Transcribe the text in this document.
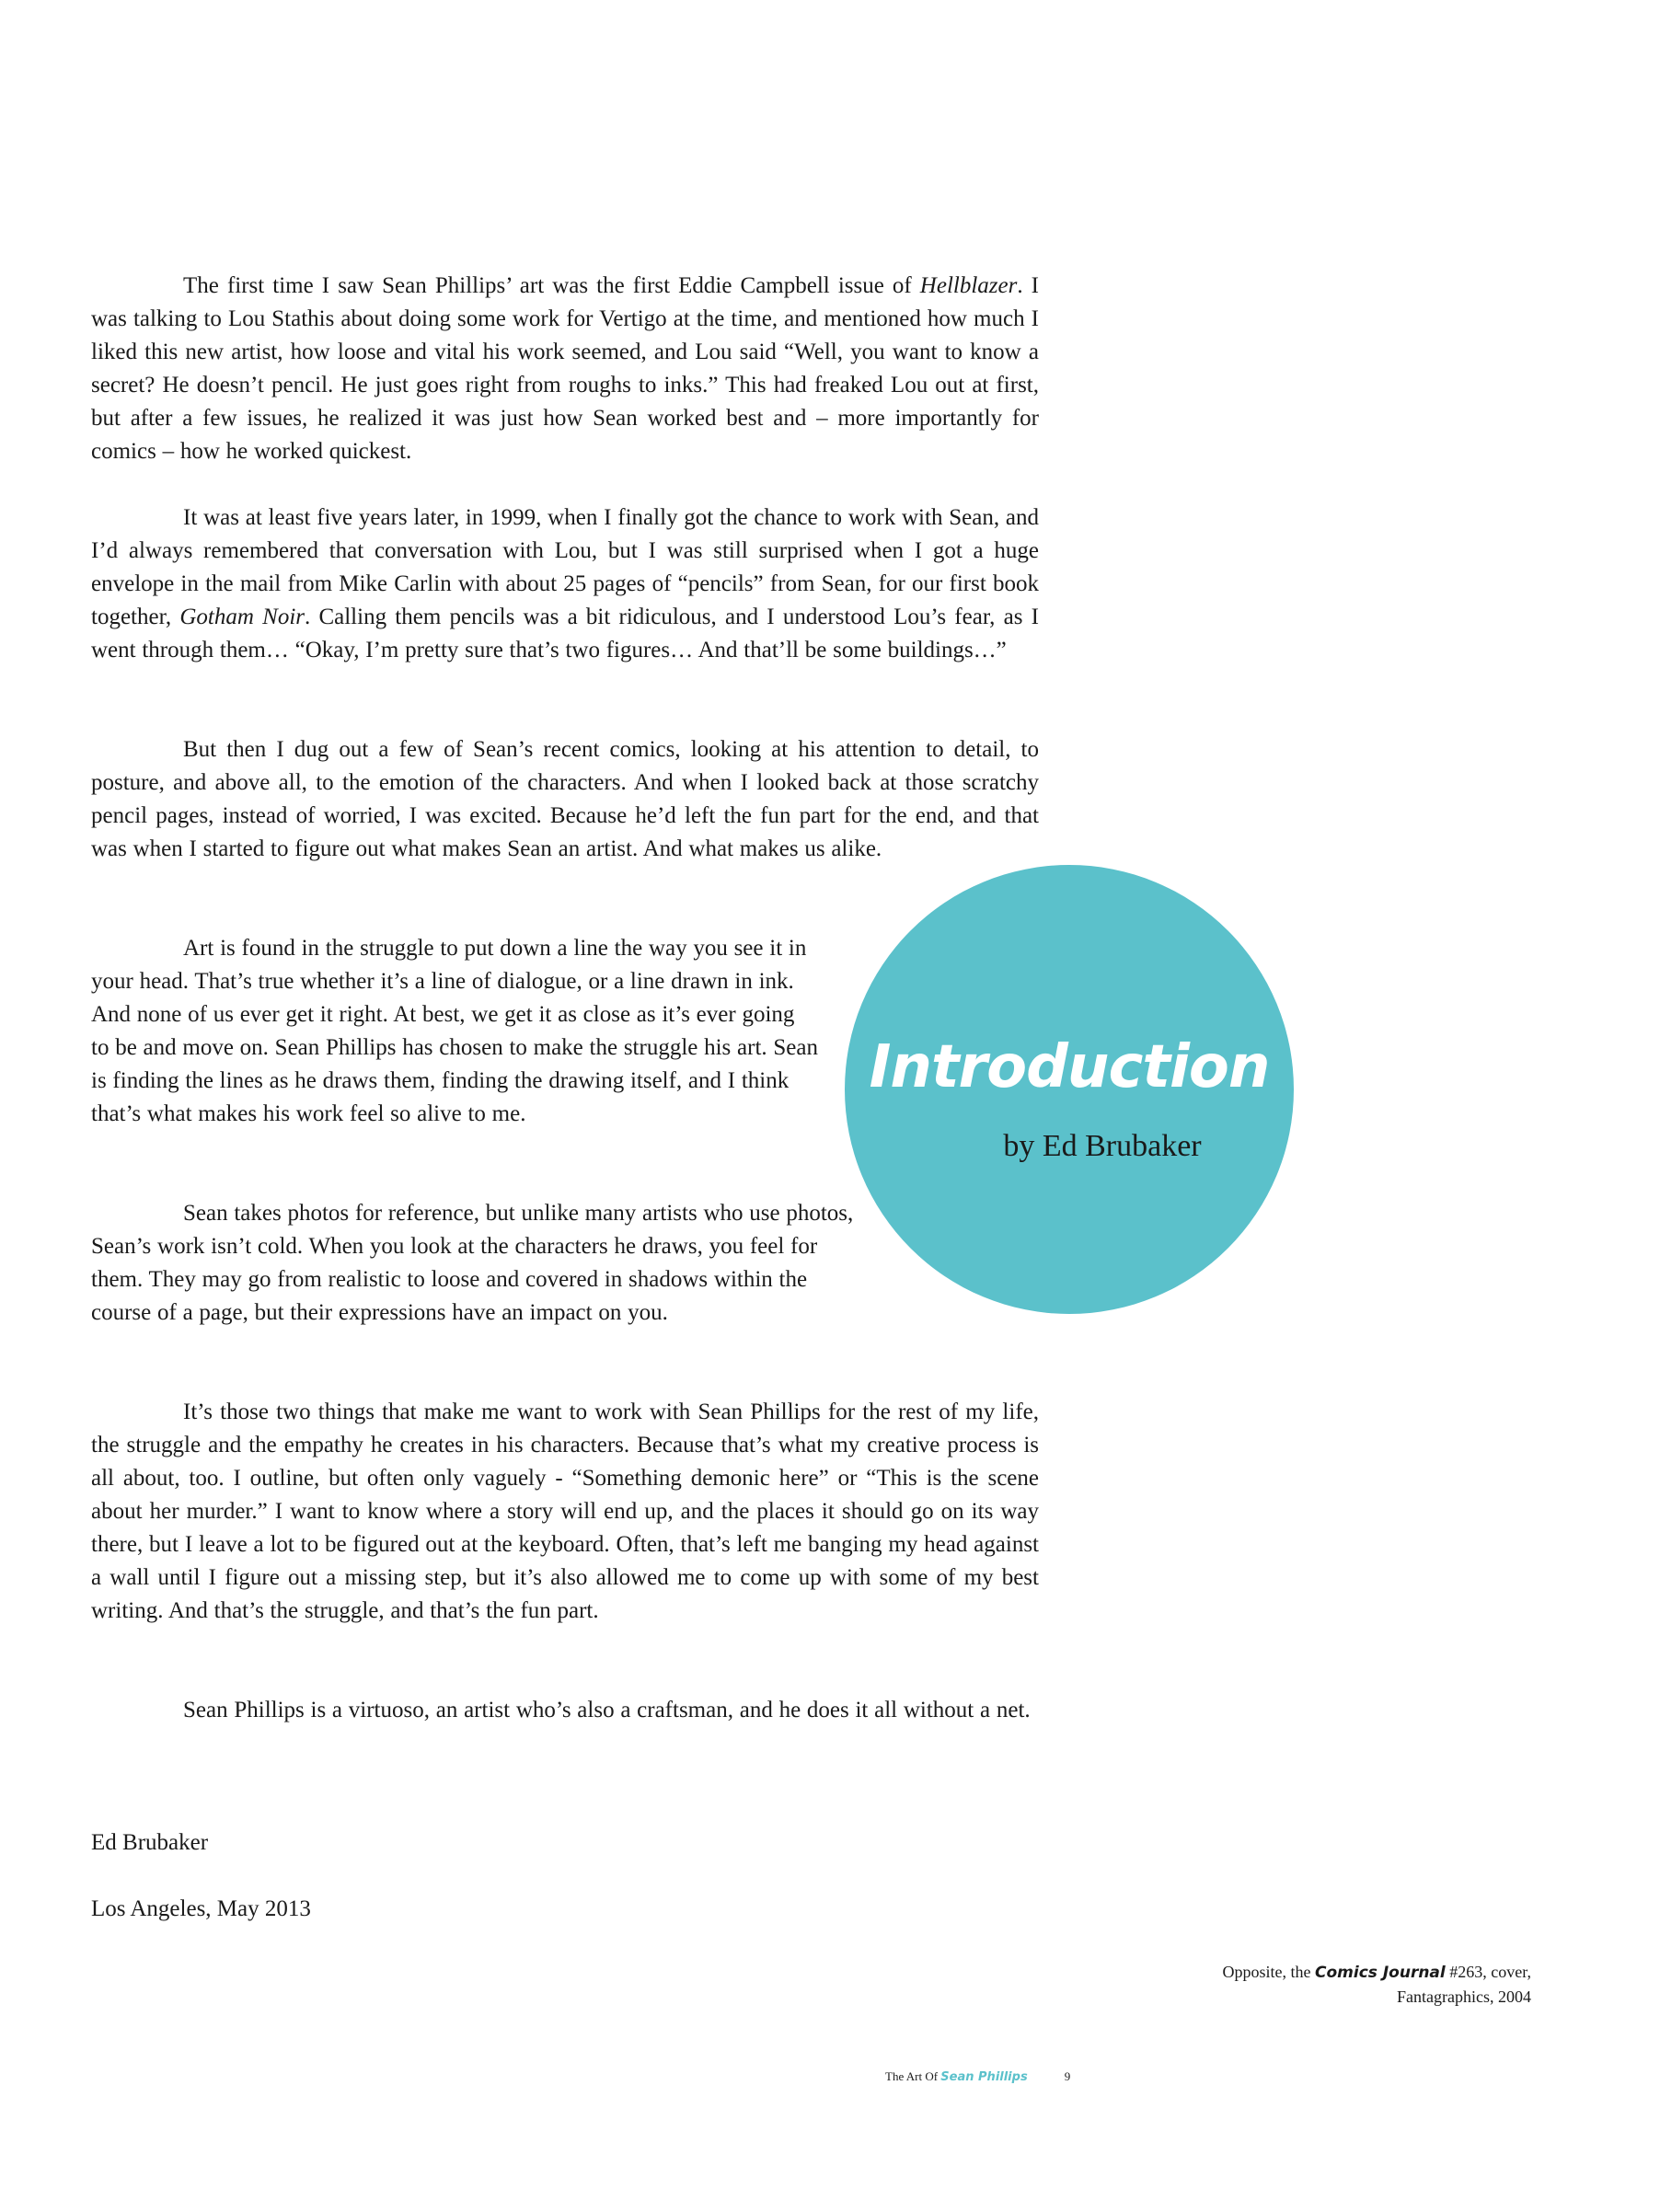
The first time I saw Sean Phillips’ art was the first Eddie Campbell issue of Hellblazer. I was talking to Lou Stathis about doing some work for Vertigo at the time, and mentioned how much I liked this new artist, how loose and vital his work seemed, and Lou said “Well, you want to know a secret? He doesn’t pencil. He just goes right from roughs to inks.” This had freaked Lou out at first, but after a few issues, he realized it was just how Sean worked best and – more importantly for comics – how he worked quickest.

It was at least five years later, in 1999, when I finally got the chance to work with Sean, and I’d always remembered that conversation with Lou, but I was still surprised when I got a huge envelope in the mail from Mike Carlin with about 25 pages of “pencils” from Sean, for our first book together, Gotham Noir. Calling them pencils was a bit ridiculous, and I understood Lou’s fear, as I went through them… “Okay, I’m pretty sure that’s two figures… And that’ll be some buildings…”

But then I dug out a few of Sean’s recent comics, looking at his attention to detail, to posture, and above all, to the emotion of the characters. And when I looked back at those scratchy pencil pages, instead of worried, I was excited. Because he’d left the fun part for the end, and that was when I started to figure out what makes Sean an artist. And what makes us alike.

Art is found in the struggle to put down a line the way you see it in your head. That’s true whether it’s a line of dialogue, or a line drawn in ink. And none of us ever get it right. At best, we get it as close as it’s ever going to be and move on. Sean Phillips has chosen to make the struggle his art. Sean is finding the lines as he draws them, finding the drawing itself, and I think that’s what makes his work feel so alive to me.

Sean takes photos for reference, but unlike many artists who use photos, Sean’s work isn’t cold. When you look at the characters he draws, you feel for them. They may go from realistic to loose and covered in shadows within the course of a page, but their expressions have an impact on you.

It’s those two things that make me want to work with Sean Phillips for the rest of my life, the struggle and the empathy he creates in his characters. Because that’s what my creative process is all about, too. I outline, but often only vaguely - “Something demonic here” or “This is the scene about her murder.” I want to know where a story will end up, and the places it should go on its way there, but I leave a lot to be figured out at the keyboard. Often, that’s left me banging my head against a wall until I figure out a missing step, but it’s also allowed me to come up with some of my best writing. And that’s the struggle, and that’s the fun part.

Sean Phillips is a virtuoso, an artist who’s also a craftsman, and he does it all without a net.

Ed Brubaker

Los Angeles, May 2013

Introduction
by Ed Brubaker
Opposite, the Comics Journal #263, cover,
Fantagraphics, 2004
The Art Of Sean Phillips	9
